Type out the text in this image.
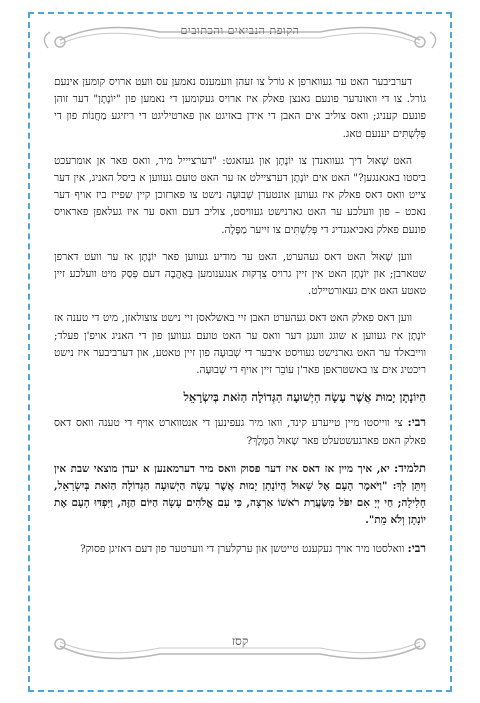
הקופת הנביאים והכתובים

דערביבער האט ער געווארפן א גוֹרל צו זעהן וועמענס נאמען עס וועט ארויס קומען אינעם גוֹרל. צו די וואונדער פונעם גאנצן פאלק איז ארויס געקומען די נאמען פון "יוֹנָתָן" דער זוהן פונעם קעניג; וואס צוליב אים האבן די אידן באזיגט און פארטיליגט די ריזיגע מַחֲנוֹת פון די פְּלִשְׁתִּים יענעם טאג.

האט שָׁאוּל דיך געוואנדן צו יוֹנָתָן און געזאגט: "דערציייל מיר, וואס פאר אן אומרעכט ביסטו באגאנגען?" האט אים יוֹנָתָן דערציילט אז ער האט טועם געווען א ביסל האניג, אין דער צייט וואס דאס פאלק איז געווען אונטערן שְׁבוּעָה נישט צו פארזוכן קיין שפייז ביז אויף דער נאכט – פון וועלכע ער האט גארנישט געוויסט, צוליב דעם וואס ער איז געלאפן פאראויס פונעם פאלק נאכיאגנדיג די פְּלִשְׁתִּים צו זייער מַפָּלָה.

ווען שָׁאוּל האט דאס געהערט, האט ער מודיע געווען פאר יוֹנָתָן אז ער וועט דארפן שטארבן; און יוֹנָתָן האט אין זיין גרויס צִדְקוּת אנגענומען בְּאַהֲבָה דעם פְּסַק מיט וועלכע זיין טאטע האט אים געאורטיילט.

ווען דאס פאלק האט דאס געהערט האבן זיי באשלאסן זיי נישט צוצולאזן, מיט די טענה אז יוֹנָתָן איז געווען א שוגג וועגן דער וואס ער האט טועם געווען פון די האניג אויפ'ן פעלד; ווייבאלד ער האט גארנישט געוויסט איבער די שְׁבוּעָה פון זיין טאטע, און דערביבער איז נישט ריכטיג אים צו באשטראפן פאר'ן עוֹבֵר זיין אויף די שְׁבוּעָה.

הַיוֹנָתָן יָמוּת אֲשֶׁר עָשָׂה הַיְשׁוּעָה הַגְּדוֹלָה הַזֹּאת בְּיִשְׂרָאֵל

רבי: צי ווייסטו מיין טייערע קינד, וואו מיר געפינען די אנטווארט אויף די טענה וואס דאס פאלק האט פארגעשטעלט פאר שָׁאוּל הַמֶּלֶךְ?

תלמיד: יא, איך מיין אז דאס איז דער פסוק וואס מיר דערמאנען א יעדן מוצאי שבת אין וְיִתֵּן לְךָ: "וַיֹּאמֶר הָעָם אֶל שָׁאוּל הֲיוֹנָתָן יָמוּת אֲשֶׁר עָשָׂה הַיְשׁוּעָה הַגְּדוֹלָה הַזֹּאת בְּיִשְׂרָאֵל, חָלִילָה; חַי יְיָ אִם יִפֹּל מִשַּׂעֲרַת רֹאשׁוֹ אַרְצָה, כִּי עִם אֱלֹהִים עָשָׂה הַיּוֹם הַזֶּה, וַיִּפְדּוּ הָעָם אֶת יוֹנָתָן וְלֹא מֵת".

רבי: וואלסטו מיר אויך געקענט טייטשן און ערקלערן די ווערטער פון דעם דאזיגן פסוק?

קסז
